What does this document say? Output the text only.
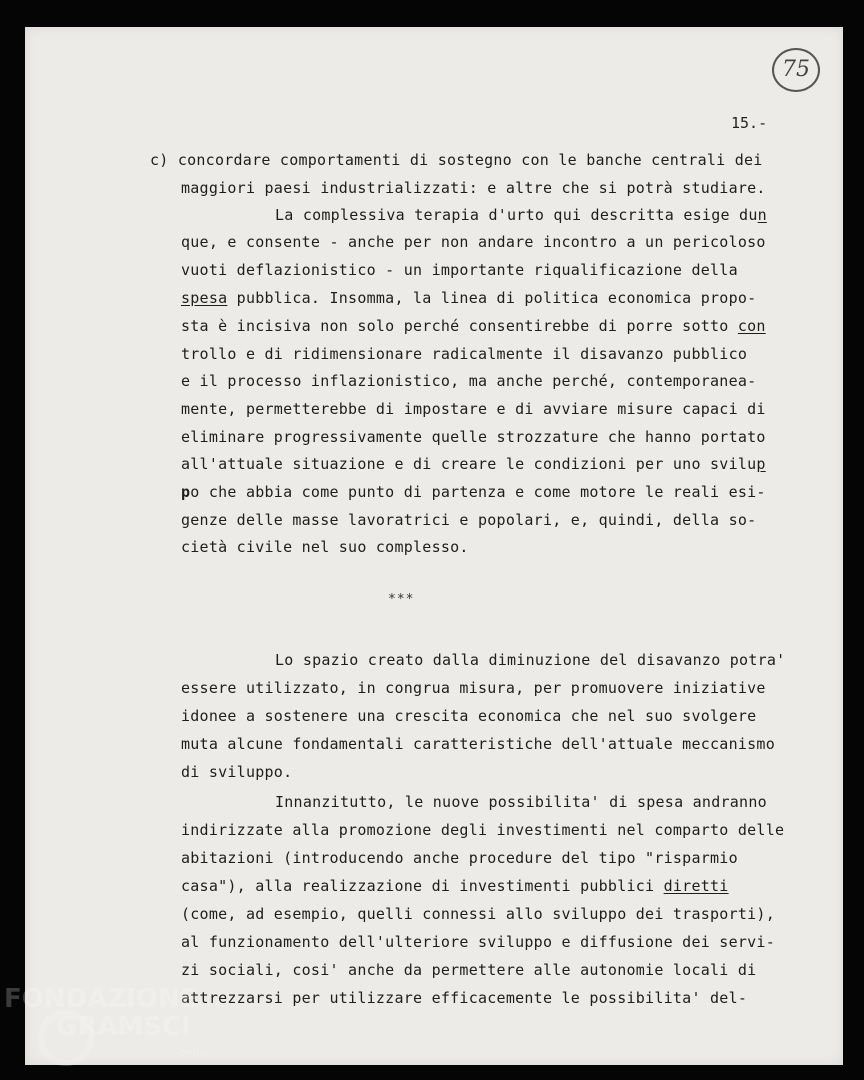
75
15.-
c) concordare comportamenti di sostegno con le banche centrali dei
maggiori paesi industrializzati: e altre che si potrà studiare.
La complessiva terapia d'urto qui descritta esige dun
que, e consente - anche per non andare incontro a un pericoloso
vuoti deflazionistico - un importante riqualificazione della
spesa pubblica. Insomma, la linea di politica economica propo-
sta è incisiva non solo perché consentirebbe di porre sotto con
trollo e di ridimensionare radicalmente il disavanzo pubblico
e il processo inflazionistico, ma anche perché, contemporanea-
mente, permetterebbe di impostare e di avviare misure capaci di
eliminare progressivamente quelle strozzature che hanno portato
all'attuale situazione e di creare le condizioni per uno svilup
po che abbia come punto di partenza e come motore le reali esi-
genze delle masse lavoratrici e popolari, e, quindi, della so-
cietà civile nel suo complesso.
***
Lo spazio creato dalla diminuzione del disavanzo potra'
essere utilizzato, in congrua misura, per promuovere iniziative
idonee a sostenere una crescita economica che nel suo svolgere
muta alcune fondamentali caratteristiche dell'attuale meccanismo
di sviluppo.
Innanzitutto, le nuove possibilita' di spesa andranno
indirizzate alla promozione degli investimenti nel comparto delle
abitazioni (introducendo anche procedure del tipo "risparmio
casa"), alla realizzazione di investimenti pubblici diretti
(come, ad esempio, quelli connessi allo sviluppo dei trasporti),
al funzionamento dell'ulteriore sviluppo e diffusione dei servi-
zi sociali, cosi' anche da permettere alle autonomie locali di
attrezzarsi per utilizzare efficacemente le possibilita' del-
FONDAZIONE
GRAMSCI
onlus
